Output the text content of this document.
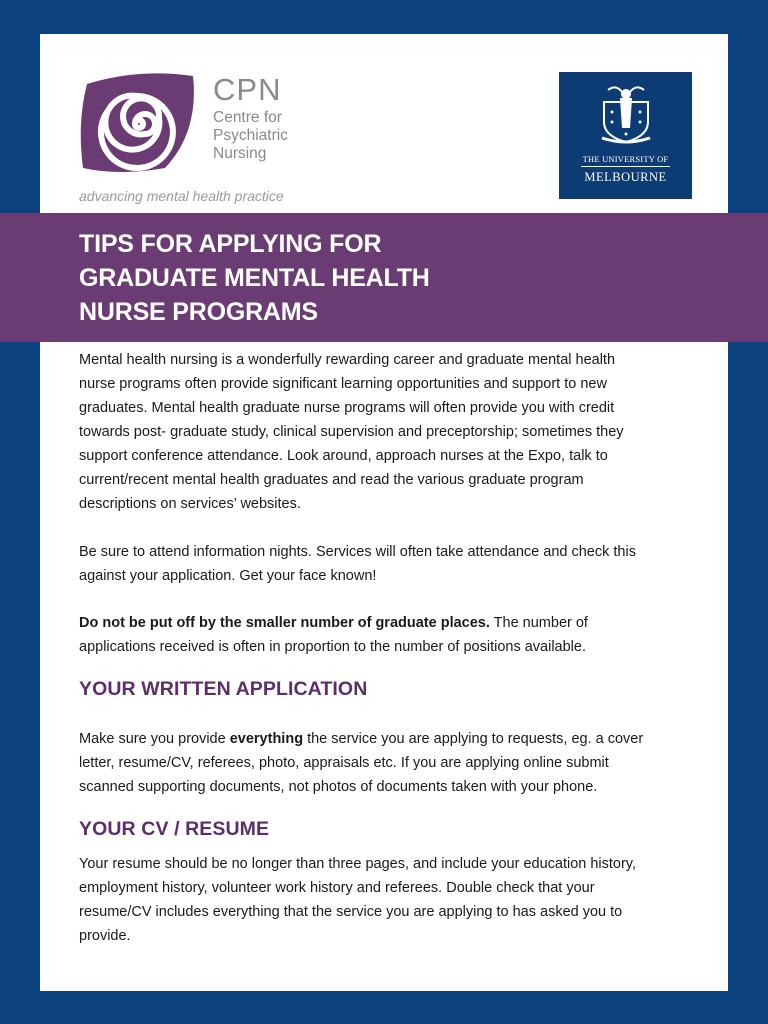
CPN
Centre for
Psychiatric
Nursing
advancing mental health practice
THE UNIVERSITY OF
MELBOURNE
TIPS FOR APPLYING FOR
GRADUATE MENTAL HEALTH
NURSE PROGRAMS
Mental health nursing is a wonderfully rewarding career and graduate mental health
nurse programs often provide significant learning opportunities and support to new
graduates. Mental health graduate nurse programs will often provide you with credit
towards post- graduate study, clinical supervision and preceptorship; sometimes they
support conference attendance. Look around, approach nurses at the Expo, talk to
current/recent mental health graduates and read the various graduate program
descriptions on services’ websites.
Be sure to attend information nights. Services will often take attendance and check this
against your application. Get your face known!
Do not be put off by the smaller number of graduate places. The number of
applications received is often in proportion to the number of positions available.
YOUR WRITTEN APPLICATION
Make sure you provide everything the service you are applying to requests, eg. a cover
letter, resume/CV, referees, photo, appraisals etc. If you are applying online submit
scanned supporting documents, not photos of documents taken with your phone.
YOUR CV / RESUME
Your resume should be no longer than three pages, and include your education history,
employment history, volunteer work history and referees. Double check that your
resume/CV includes everything that the service you are applying to has asked you to
provide.
